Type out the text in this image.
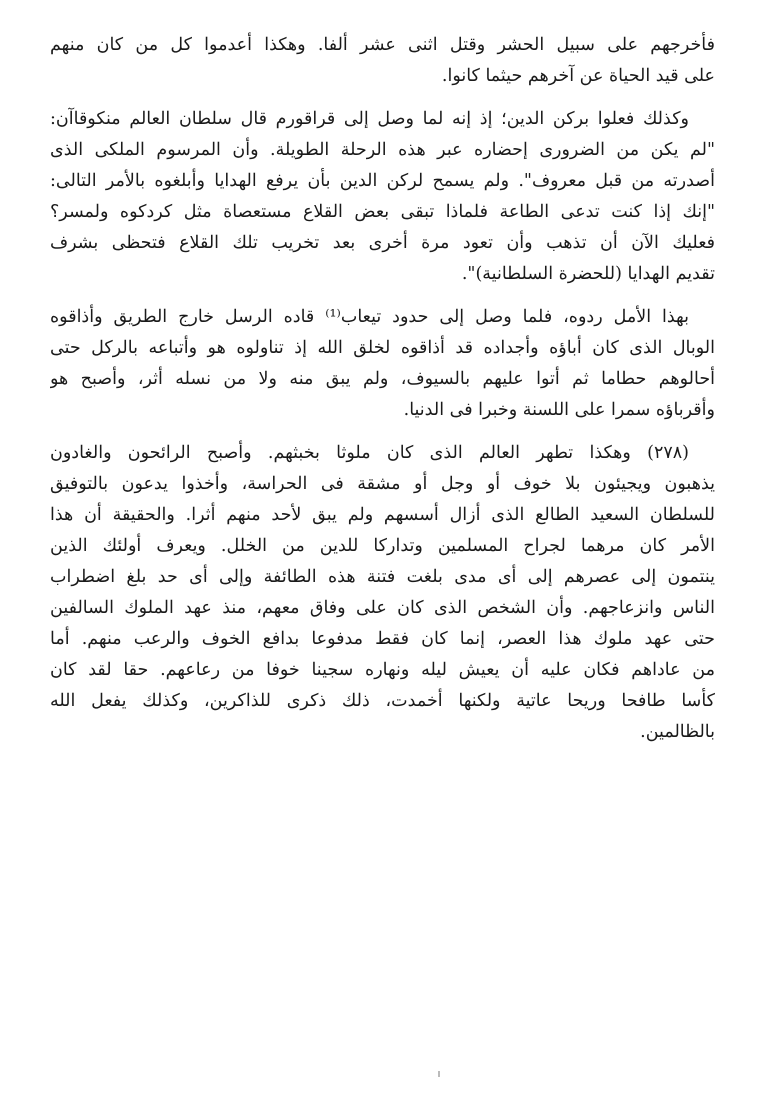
فأخرجهم على سبيل الحشر وقتل اثنى عشر ألفا. وهكذا أعدموا كل من كان منهم
على قيد الحياة عن آخرهم حيثما كانوا.
وكذلك فعلوا بركن الدين؛ إذ إنه لما وصل إلى قراقورم قال سلطان العالم منكوقاآن:
"لم يكن من الضرورى إحضاره عبر هذه الرحلة الطويلة. وأن المرسوم الملكى الذى
أصدرته من قبل معروف". ولم يسمح لركن الدين بأن يرفع الهدايا وأبلغوه بالأمر التالى:
"إنك إذا كنت تدعى الطاعة فلماذا تبقى بعض القلاع مستعصاة مثل كردكوه ولمسر؟
فعليك الآن أن تذهب وأن تعود مرة أخرى بعد تخريب تلك القلاع فتحظى بشرف
تقديم الهدايا (للحضرة السلطانية)".
بهذا الأمل ردوه، فلما وصل إلى حدود تيعاب⁽¹⁾ قاده الرسل خارج الطريق وأذاقوه
الوبال الذى كان أباؤه وأجداده قد أذاقوه لخلق الله إذ تناولوه هو وأتباعه بالركل حتى
أحالوهم حطاما ثم أتوا عليهم بالسيوف، ولم يبق منه ولا من نسله أثر، وأصبح هو
وأقرباؤه سمرا على اللسنة وخبرا فى الدنيا.
(٢٧٨) وهكذا تطهر العالم الذى كان ملوثا بخبثهم. وأصبح الرائحون والغادون
يذهبون ويجيئون بلا خوف أو وجل أو مشقة فى الحراسة، وأخذوا يدعون بالتوفيق
للسلطان السعيد الطالع الذى أزال أسسهم ولم يبق لأحد منهم أثرا. والحقيقة أن هذا
الأمر كان مرهما لجراح المسلمين وتداركا للدين من الخلل. ويعرف أولئك الذين
ينتمون إلى عصرهم إلى أى مدى بلغت فتنة هذه الطائفة وإلى أى حد بلغ اضطراب
الناس وانزعاجهم. وأن الشخص الذى كان على وفاق معهم، منذ عهد الملوك السالفين
حتى عهد ملوك هذا العصر، إنما كان فقط مدفوعا بدافع الخوف والرعب منهم. أما
من عاداهم فكان عليه أن يعيش ليله ونهاره سجينا خوفا من رعاعهم. حقا لقد كان
كأسا طافحا وريحا عاتية ولكنها أخمدت، ذلك ذكرى للذاكرين، وكذلك يفعل الله
بالظالمين.
